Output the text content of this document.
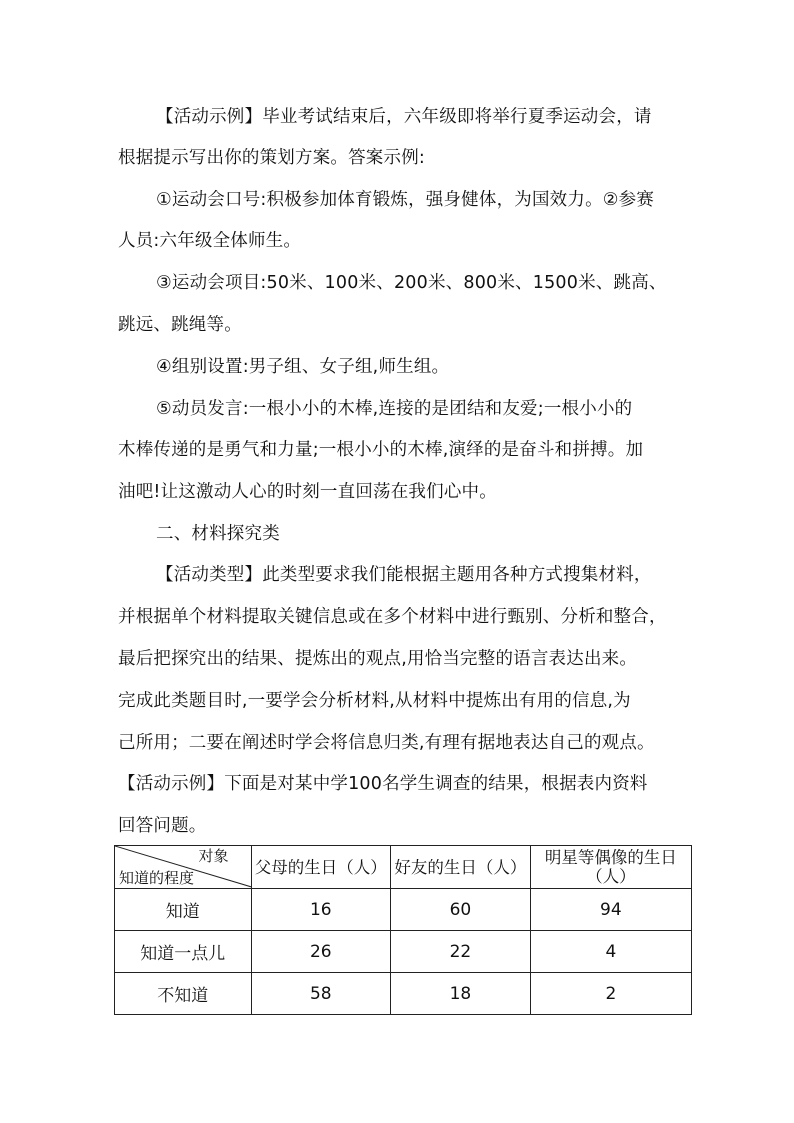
【活动示例】毕业考试结束后，六年级即将举行夏季运动会，请
根据提示写出你的策划方案。答案示例:
①运动会口号:积极参加体育锻炼，强身健体，为国效力。②参赛
人员:六年级全体师生。
③运动会项目:50米、100米、200米、800米、1500米、跳高、
跳远、跳绳等。
④组别设置:男子组、女子组,师生组。
⑤动员发言:一根小小的木棒,连接的是团结和友爱;一根小小的
木棒传递的是勇气和力量;一根小小的木棒,演绎的是奋斗和拼搏。加
油吧!让这激动人心的时刻一直回荡在我们心中。
二、材料探究类
【活动类型】此类型要求我们能根据主题用各种方式搜集材料，
并根据单个材料提取关键信息或在多个材料中进行甄别、分析和整合，
最后把探究出的结果、提炼出的观点,用恰当完整的语言表达出来。
完成此类题目时,一要学会分析材料,从材料中提炼出有用的信息,为
己所用；二要在阐述时学会将信息归类,有理有据地表达自己的观点。
【活动示例】下面是对某中学100名学生调查的结果，根据表内资料
回答问题。
对象
知道的程度	父母的生日（人）	好友的生日（人）	明星等偶像的生日（人）
知道	16	60	94
知道一点儿	26	22	4
不知道	58	18	2
